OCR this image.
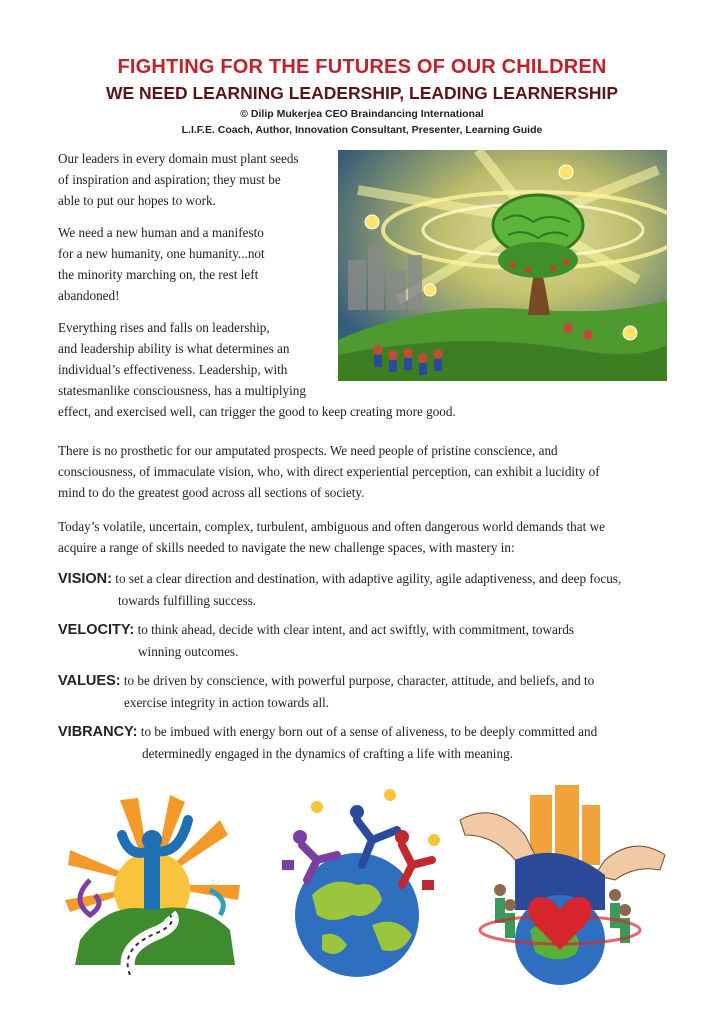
FIGHTING FOR THE FUTURES OF OUR CHILDREN
WE NEED LEARNING LEADERSHIP, LEADING LEARNERSHIP
© Dilip Mukerjea CEO Braindancing International
L.I.F.E. Coach, Author, Innovation Consultant, Presenter, Learning Guide
Our leaders in every domain must plant seeds
of inspiration and aspiration; they must be
able to put our hopes to work.
We need a new human and a manifesto
for a new humanity, one humanity...not
the minority marching on, the rest left
abandoned!
Everything rises and falls on leadership,
and leadership ability is what determines an
individual’s effectiveness. Leadership, with
statesmanlike consciousness, has a multiplying
effect, and exercised well, can trigger the good to keep creating more good.
There is no prosthetic for our amputated prospects. We need people of pristine conscience, and
consciousness, of immaculate vision, who, with direct experiential perception, can exhibit a lucidity of
mind to do the greatest good across all sections of society.
Today’s volatile, uncertain, complex, turbulent, ambiguous and often dangerous world demands that we
acquire a range of skills needed to navigate the new challenge spaces, with mastery in:
VISION: to set a clear direction and destination, with adaptive agility, agile adaptiveness, and deep focus,
towards fulfilling success.
VELOCITY: to think ahead, decide with clear intent, and act swiftly, with commitment, towards
winning outcomes.
VALUES: to be driven by conscience, with powerful purpose, character, attitude, and beliefs, and to
exercise integrity in action towards all.
VIBRANCY: to be imbued with energy born out of a sense of aliveness, to be deeply committed and
determinedly engaged in the dynamics of crafting a life with meaning.
